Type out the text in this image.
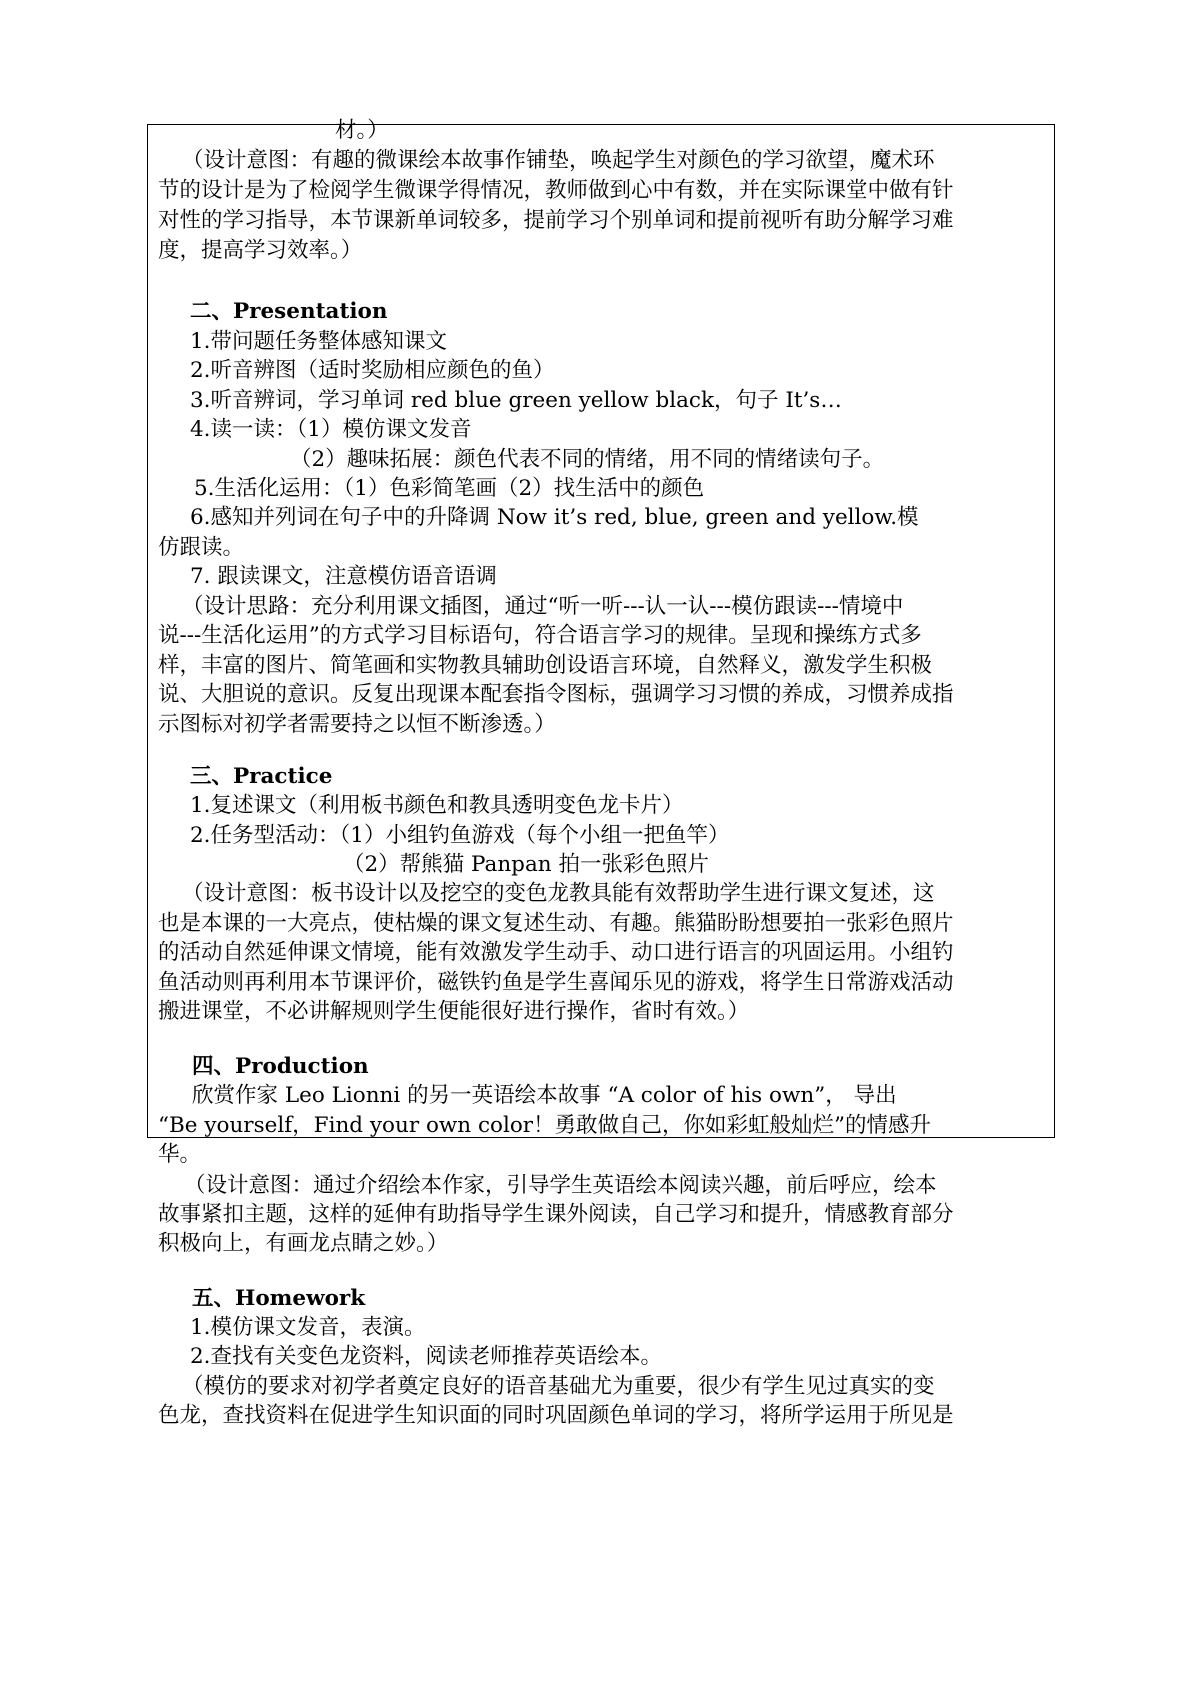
材。）
（设计意图：有趣的微课绘本故事作铺垫，唤起学生对颜色的学习欲望，魔术环
节的设计是为了检阅学生微课学得情况，教师做到心中有数，并在实际课堂中做有针
对性的学习指导，本节课新单词较多，提前学习个别单词和提前视听有助分解学习难
度，提高学习效率。）
二、Presentation
1.带问题任务整体感知课文
2.听音辨图（适时奖励相应颜色的鱼）
3.听音辨词，学习单词 red blue green yellow black，句子 It’s…
4.读一读：（1）模仿课文发音
（2）趣味拓展：颜色代表不同的情绪，用不同的情绪读句子。
5.生活化运用：（1）色彩简笔画（2）找生活中的颜色
6.感知并列词在句子中的升降调 Now it’s red, blue, green and yellow.模
仿跟读。
7. 跟读课文，注意模仿语音语调
（设计思路：充分利用课文插图，通过“听一听---认一认---模仿跟读---情境中
说---生活化运用”的方式学习目标语句，符合语言学习的规律。呈现和操练方式多
样，丰富的图片、简笔画和实物教具辅助创设语言环境，自然释义，激发学生积极
说、大胆说的意识。反复出现课本配套指令图标，强调学习习惯的养成，习惯养成指
示图标对初学者需要持之以恒不断渗透。）
三、Practice
1.复述课文（利用板书颜色和教具透明变色龙卡片）
2.任务型活动：（1）小组钓鱼游戏（每个小组一把鱼竿）
（2）帮熊猫 Panpan 拍一张彩色照片
（设计意图：板书设计以及挖空的变色龙教具能有效帮助学生进行课文复述，这
也是本课的一大亮点，使枯燥的课文复述生动、有趣。熊猫盼盼想要拍一张彩色照片
的活动自然延伸课文情境，能有效激发学生动手、动口进行语言的巩固运用。小组钓
鱼活动则再利用本节课评价，磁铁钓鱼是学生喜闻乐见的游戏，将学生日常游戏活动
搬进课堂，不必讲解规则学生便能很好进行操作，省时有效。）
四、Production
欣赏作家 Leo Lionni 的另一英语绘本故事 “A color of his own”， 导出
“Be yourself，Find your own color！勇敢做自己，你如彩虹般灿烂”的情感升
华。
（设计意图：通过介绍绘本作家，引导学生英语绘本阅读兴趣，前后呼应，绘本
故事紧扣主题，这样的延伸有助指导学生课外阅读，自己学习和提升，情感教育部分
积极向上，有画龙点睛之妙。）
五、Homework
1.模仿课文发音，表演。
2.查找有关变色龙资料，阅读老师推荐英语绘本。
（模仿的要求对初学者奠定良好的语音基础尤为重要，很少有学生见过真实的变
色龙，查找资料在促进学生知识面的同时巩固颜色单词的学习，将所学运用于所见是
